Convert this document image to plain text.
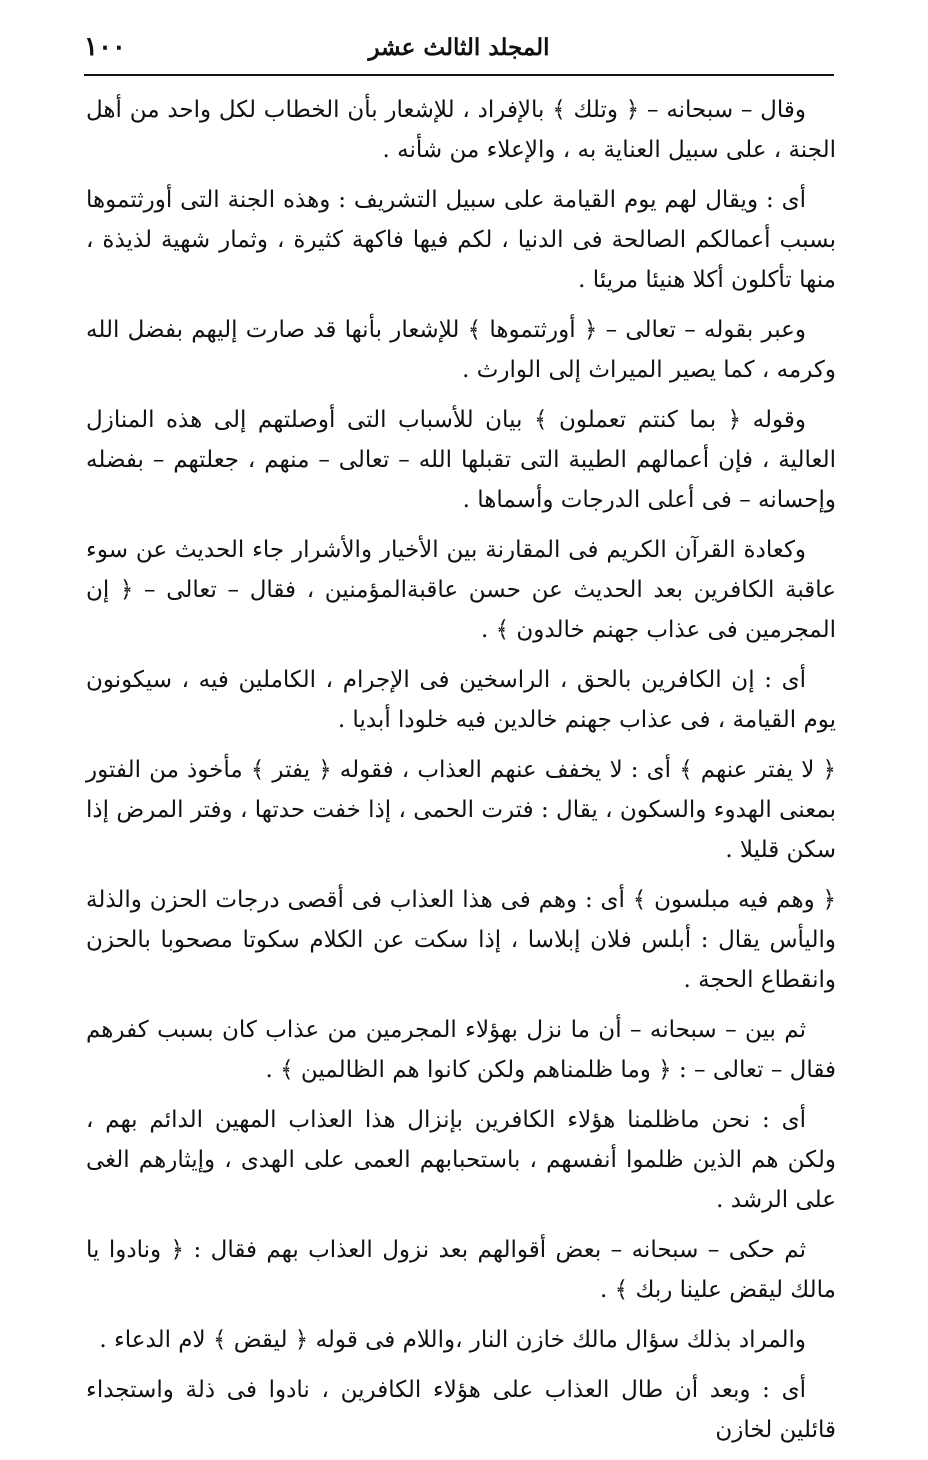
١٠٠	المجلد الثالث عشر

وقال – سبحانه – ﴿ وتلك ﴾ بالإفراد ، للإشعار بأن الخطاب لكل واحد من أهل الجنة ، على سبيل العناية به ، والإعلاء من شأنه .

أى : ويقال لهم يوم القيامة على سبيل التشريف : وهذه الجنة التى أورثتموها بسبب أعمالكم الصالحة فى الدنيا ، لكم فيها فاكهة كثيرة ، وثمار شهية لذيذة ، منها تأكلون أكلا هنيئا مريئا .

وعبر بقوله – تعالى – ﴿ أورثتموها ﴾ للإشعار بأنها قد صارت إليهم بفضل الله وكرمه ، كما يصير الميراث إلى الوارث .

وقوله ﴿ بما كنتم تعملون ﴾ بيان للأسباب التى أوصلتهم إلى هذه المنازل العالية ، فإن أعمالهم الطيبة التى تقبلها الله – تعالى – منهم ، جعلتهم – بفضله وإحسانه – فى أعلى الدرجات وأسماها .

وكعادة القرآن الكريم فى المقارنة بين الأخيار والأشرار جاء الحديث عن سوء عاقبة الكافرين بعد الحديث عن حسن عاقبةالمؤمنين ، فقال – تعالى – ﴿ إن المجرمين فى عذاب جهنم خالدون ﴾ .

أى : إن الكافرين بالحق ، الراسخين فى الإجرام ، الكاملين فيه ، سيكونون يوم القيامة ، فى عذاب جهنم خالدين فيه خلودا أبديا .

﴿ لا يفتر عنهم ﴾ أى : لا يخفف عنهم العذاب ، فقوله ﴿ يفتر ﴾ مأخوذ من الفتور بمعنى الهدوء والسكون ، يقال : فترت الحمى ، إذا خفت حدتها ، وفتر المرض إذا سكن قليلا .

﴿ وهم فيه مبلسون ﴾ أى : وهم فى هذا العذاب فى أقصى درجات الحزن والذلة واليأس يقال : أبلس فلان إبلاسا ، إذا سكت عن الكلام سكوتا مصحوبا بالحزن وانقطاع الحجة .

ثم بين – سبحانه – أن ما نزل بهؤلاء المجرمين من عذاب كان بسبب كفرهم فقال – تعالى – : ﴿ وما ظلمناهم ولكن كانوا هم الظالمين ﴾ .

أى : نحن ماظلمنا هؤلاء الكافرين بإنزال هذا العذاب المهين الدائم بهم ، ولكن هم الذين ظلموا أنفسهم ، باستحبابهم العمى على الهدى ، وإيثارهم الغى على الرشد .

ثم حكى – سبحانه – بعض أقوالهم بعد نزول العذاب بهم فقال : ﴿ ونادوا يا مالك ليقض علينا ربك ﴾ .

والمراد بذلك سؤال مالك خازن النار ،واللام فى قوله ﴿ ليقض ﴾ لام الدعاء .

أى : وبعد أن طال العذاب على هؤلاء الكافرين ، نادوا فى ذلة واستجداء قائلين لخازن
